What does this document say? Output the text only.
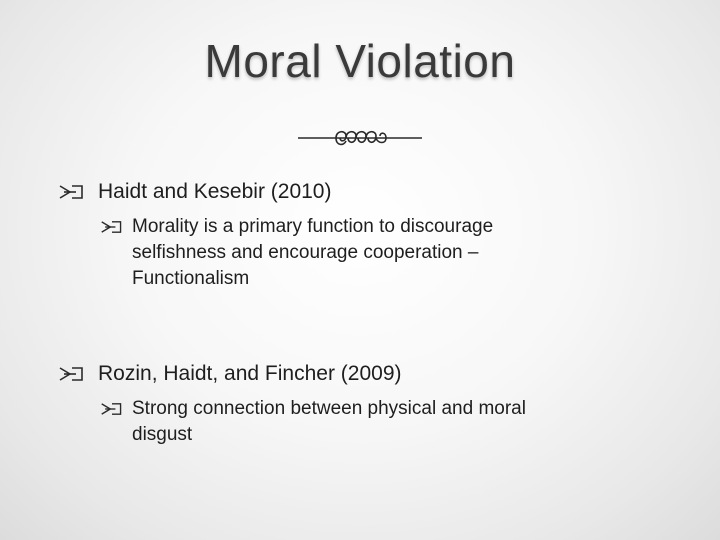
Moral Violation
Haidt and Kesebir (2010)
Morality is a primary function to discourage
selfishness and encourage cooperation –
Functionalism
Rozin, Haidt, and Fincher (2009)
Strong connection between physical and moral
disgust
